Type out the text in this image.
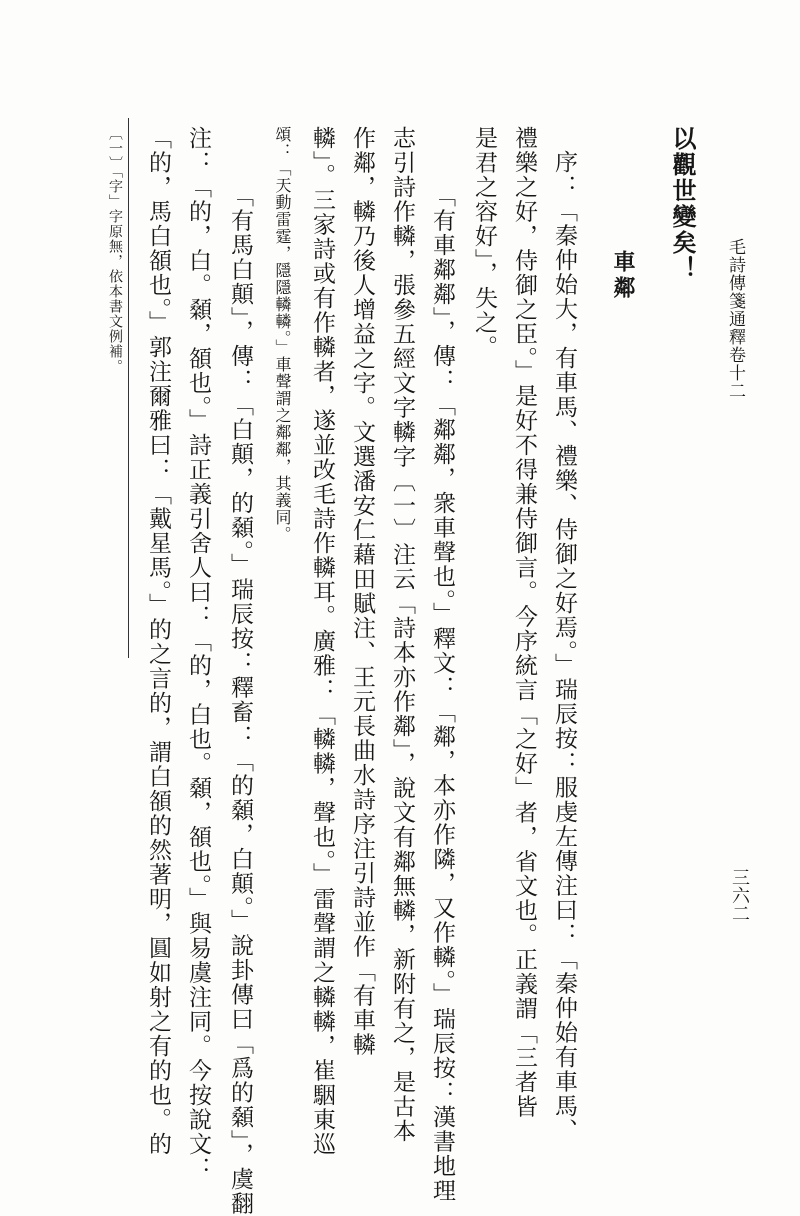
毛詩傳箋通釋卷十二
三六二
以觀世變矣！
車鄰
序：「秦仲始大，有車馬、禮樂、侍御之好焉。」瑞辰按：服虔左傳注曰：「秦仲始有車馬、
禮樂之好，侍御之臣。」是好不得兼侍御言。今序統言「之好」者，省文也。正義謂「三者皆
是君之容好」，失之。
「有車鄰鄰」，傳：「鄰鄰，衆車聲也。」釋文：「鄰，本亦作隣，又作轔。」瑞辰按：漢書地理
志引詩作轔，張參五經文字轔字〔一〕注云「詩本亦作鄰」，說文有鄰無轔，新附有之，是古本
作鄰，轔乃後人增益之字。文選潘安仁藉田賦注、王元長曲水詩序注引詩並作「有車轔
轔」。三家詩或有作轔者，遂並改毛詩作轔耳。廣雅：「轔轔，聲也。」雷聲謂之轔轔，崔駰東巡
頌：「天動雷霆，隱隱轔轔。」車聲謂之鄰鄰，其義同。
「有馬白顛」，傳：「白顛，的顙。」瑞辰按：釋畜：「的顙，白顛。」說卦傳曰「爲的顙」，虞翻
注：「的，白。顙，頟也。」詩正義引舍人曰：「的，白也。顙，頟也。」與易虞注同。今按說文：
「的，馬白頟也。」郭注爾雅曰：「戴星馬。」的之言的，謂白頟的然著明，圓如射之有的也。的
〔一〕「字」字原無，依本書文例補。
